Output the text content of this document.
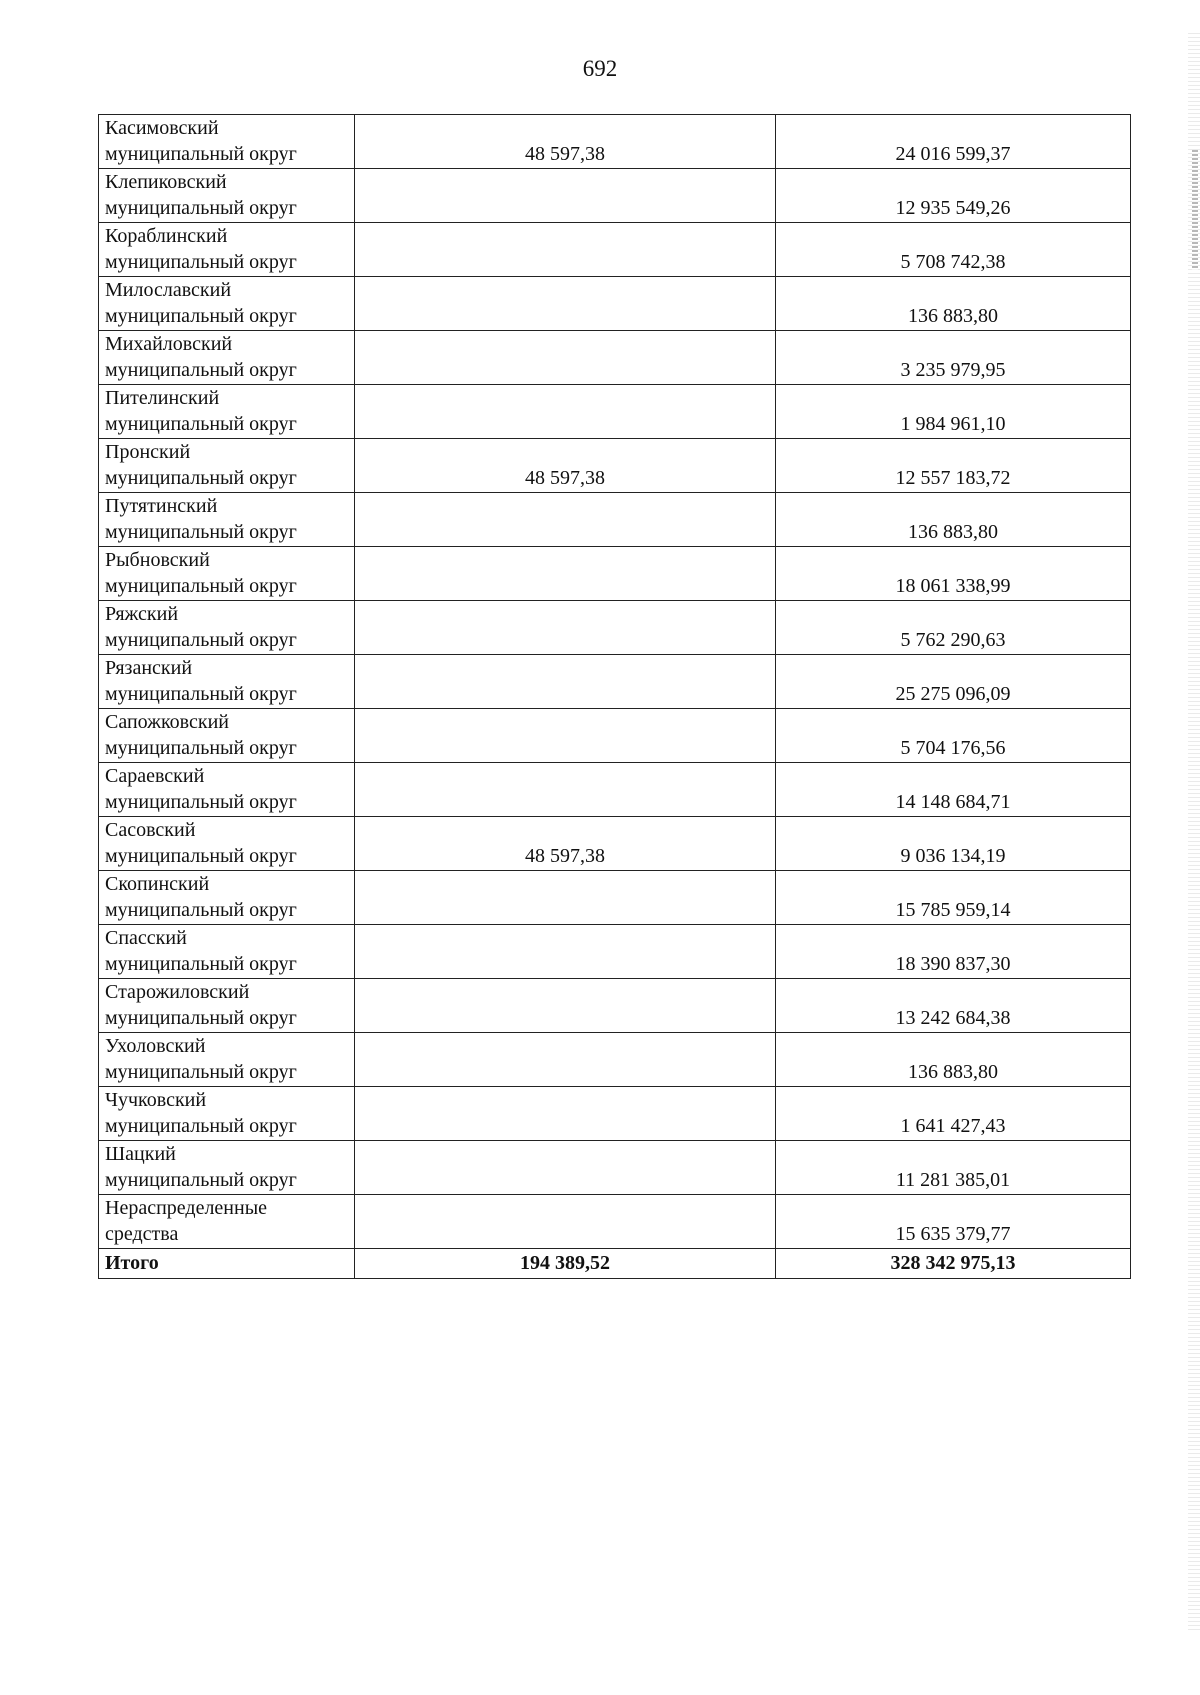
692
Касимовский
муниципальный округ	48 597,38	24 016 599,37

Клепиковский
муниципальный округ		12 935 549,26

Кораблинский
муниципальный округ		5 708 742,38

Милославский
муниципальный округ		136 883,80

Михайловский
муниципальный округ		3 235 979,95

Пителинский
муниципальный округ		1 984 961,10

Пронский
муниципальный округ	48 597,38	12 557 183,72

Путятинский
муниципальный округ		136 883,80

Рыбновский
муниципальный округ		18 061 338,99

Ряжский
муниципальный округ		5 762 290,63

Рязанский
муниципальный округ		25 275 096,09

Сапожковский
муниципальный округ		5 704 176,56

Сараевский
муниципальный округ		14 148 684,71

Сасовский
муниципальный округ	48 597,38	9 036 134,19

Скопинский
муниципальный округ		15 785 959,14

Спасский
муниципальный округ		18 390 837,30

Старожиловский
муниципальный округ		13 242 684,38

Ухоловский
муниципальный округ		136 883,80

Чучковский
муниципальный округ		1 641 427,43

Шацкий
муниципальный округ		11 281 385,01

Нераспределенные
средства		15 635 379,77
Итого	194 389,52	328 342 975,13
